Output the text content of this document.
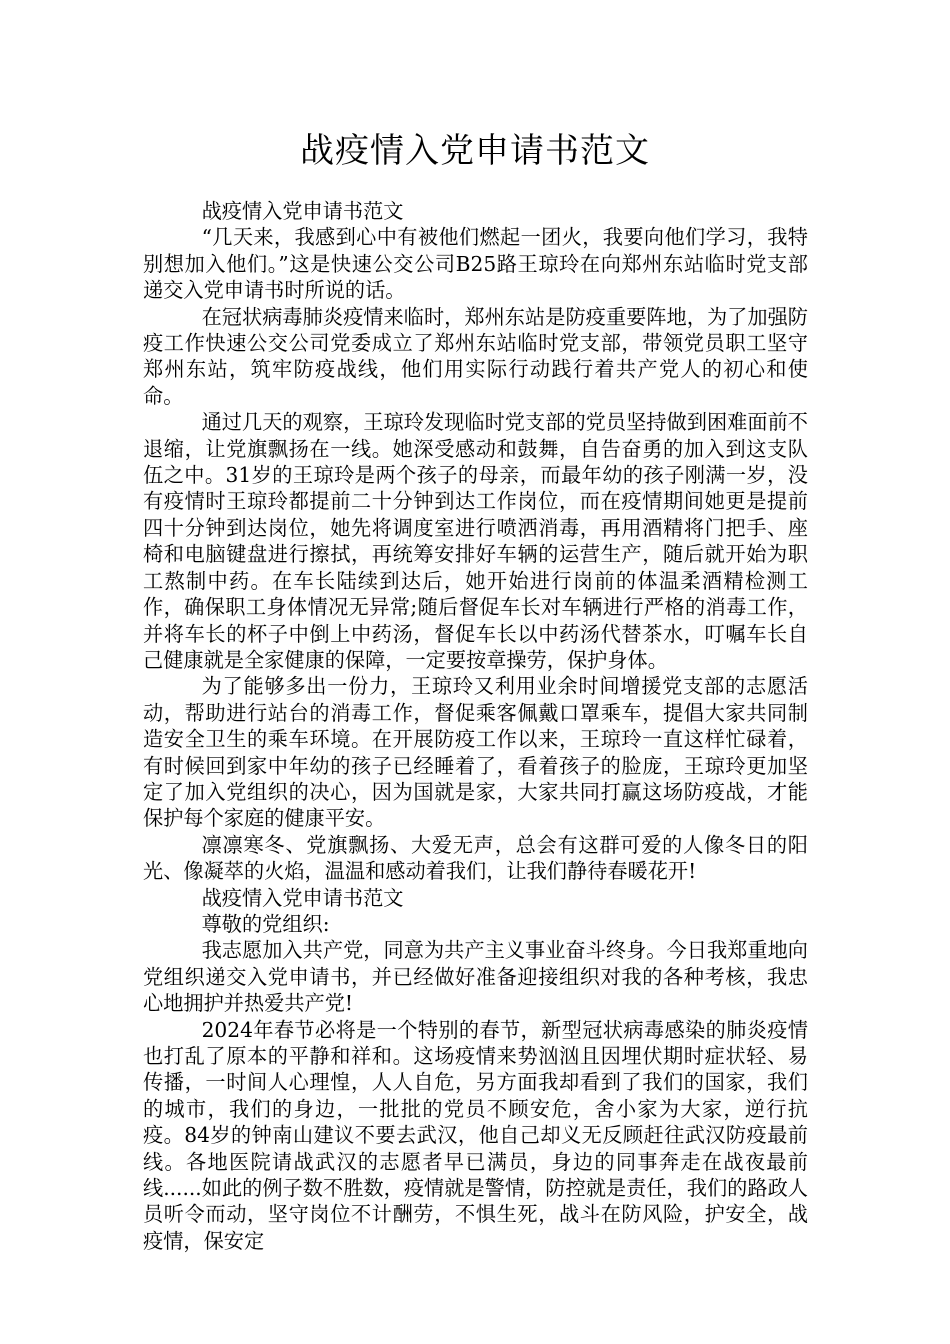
战疫情入党申请书范文

战疫情入党申请书范文

“几天来，我感到心中有被他们燃起一团火，我要向他们学习，我特别想加入他们。”这是快速公交公司B25路王琼玲在向郑州东站临时党支部递交入党申请书时所说的话。

在冠状病毒肺炎疫情来临时，郑州东站是防疫重要阵地，为了加强防疫工作快速公交公司党委成立了郑州东站临时党支部，带领党员职工坚守郑州东站，筑牢防疫战线，他们用实际行动践行着共产党人的初心和使命。

通过几天的观察，王琼玲发现临时党支部的党员坚持做到困难面前不退缩，让党旗飘扬在一线。她深受感动和鼓舞，自告奋勇的加入到这支队伍之中。31岁的王琼玲是两个孩子的母亲，而最年幼的孩子刚满一岁，没有疫情时王琼玲都提前二十分钟到达工作岗位，而在疫情期间她更是提前四十分钟到达岗位，她先将调度室进行喷洒消毒，再用酒精将门把手、座椅和电脑键盘进行擦拭，再统筹安排好车辆的运营生产，随后就开始为职工熬制中药。在车长陆续到达后，她开始进行岗前的体温柔酒精检测工作，确保职工身体情况无异常;随后督促车长对车辆进行严格的消毒工作，并将车长的杯子中倒上中药汤，督促车长以中药汤代替茶水，叮嘱车长自己健康就是全家健康的保障，一定要按章操劳，保护身体。

为了能够多出一份力，王琼玲又利用业余时间增援党支部的志愿活动，帮助进行站台的消毒工作，督促乘客佩戴口罩乘车，提倡大家共同制造安全卫生的乘车环境。在开展防疫工作以来，王琼玲一直这样忙碌着，有时候回到家中年幼的孩子已经睡着了，看着孩子的脸庞，王琼玲更加坚定了加入党组织的决心，因为国就是家，大家共同打赢这场防疫战，才能保护每个家庭的健康平安。

凛凛寒冬、党旗飘扬、大爱无声，总会有这群可爱的人像冬日的阳光、像凝萃的火焰，温温和感动着我们，让我们静待春暖花开!

战疫情入党申请书范文

尊敬的党组织:

我志愿加入共产党，同意为共产主义事业奋斗终身。今日我郑重地向党组织递交入党申请书，并已经做好准备迎接组织对我的各种考核，我忠心地拥护并热爱共产党!

2024年春节必将是一个特别的春节，新型冠状病毒感染的肺炎疫情也打乱了原本的平静和祥和。这场疫情来势汹汹且因埋伏期时症状轻、易传播，一时间人心理惶，人人自危，另方面我却看到了我们的国家，我们的城市，我们的身边，一批批的党员不顾安危，舍小家为大家，逆行抗疫。84岁的钟南山建议不要去武汉，他自己却义无反顾赶往武汉防疫最前线。各地医院请战武汉的志愿者早已满员，身边的同事奔走在战夜最前线......如此的例子数不胜数，疫情就是警情，防控就是责任，我们的路政人员听令而动，坚守岗位不计酬劳，不惧生死，战斗在防风险，护安全，战疫情，保安定
